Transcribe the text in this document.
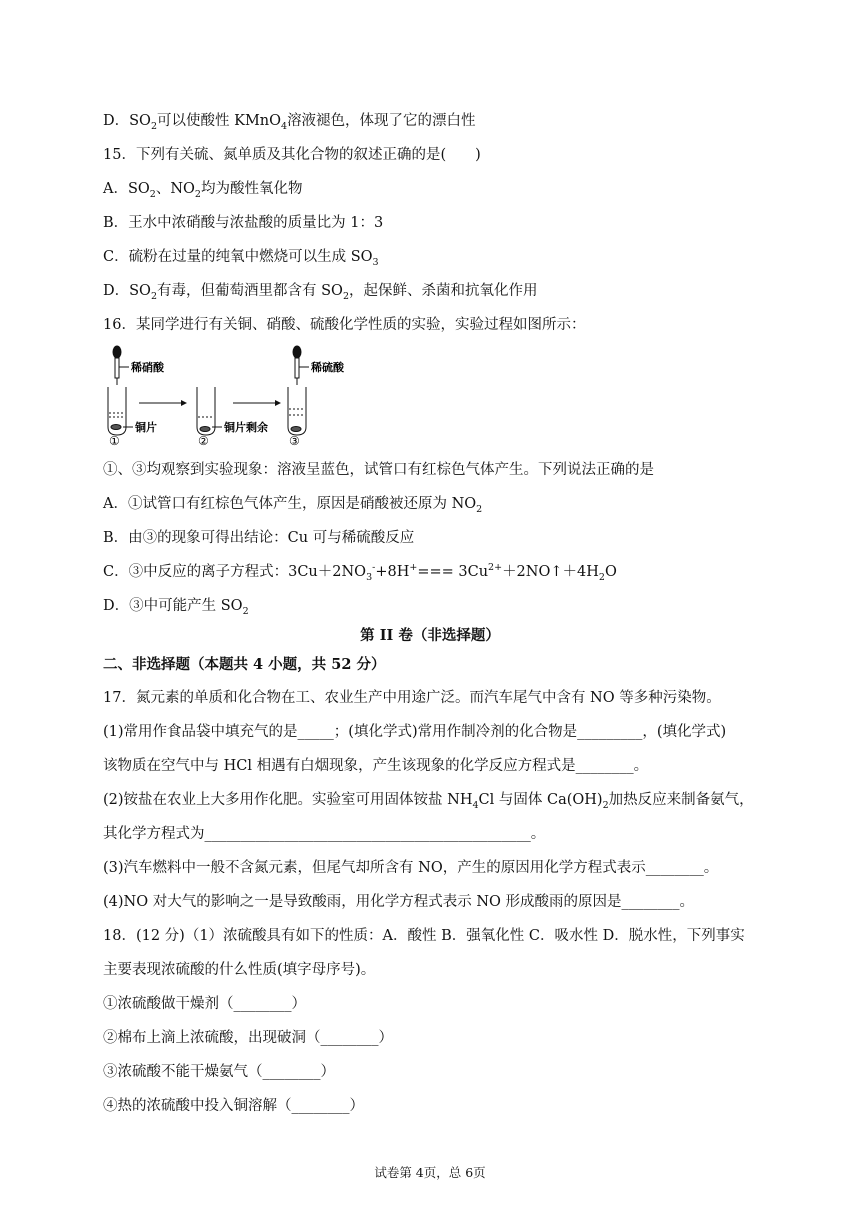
D．$SO_2$可以使酸性 KMnO$_4$溶液褪色，体现了它的漂白性
15．下列有关硫、氮单质及其化合物的叙述正确的是(　　)
A．$SO_2$、$NO_2$均为酸性氧化物
B．王水中浓硝酸与浓盐酸的质量比为 1：3
C．硫粉在过量的纯氧中燃烧可以生成 $SO_3$
D．$SO_2$有毒，但葡萄酒里都含有 $SO_2$，起保鲜、杀菌和抗氧化作用
16．某同学进行有关铜、硝酸、硫酸化学性质的实验，实验过程如图所示：
稀硝酸
铜片
①
铜片剩余
②
稀硫酸
③
①、③均观察到实验现象：溶液呈蓝色，试管口有红棕色气体产生。下列说法正确的是
A．①试管口有红棕色气体产生，原因是硝酸被还原为 $NO_2$
B．由③的现象可得出结论：Cu 可与稀硫酸反应
C．③中反应的离子方程式：$3Cu+2NO_3^-+8H^+===$ $3Cu^{2+}+2NO↑+4H_2O$
D．③中可能产生 $SO_2$
第 II 卷（非选择题）
二、非选择题（本题共 4 小题，共 52 分）
17．氮元素的单质和化合物在工、农业生产中用途广泛。而汽车尾气中含有 NO 等多种污染物。
(1)常用作食品袋中填充气的是_____；(填化学式)常用作制冷剂的化合物是_________，(填化学式)
该物质在空气中与 HCl 相遇有白烟现象，产生该现象的化学反应方程式是________。
(2)铵盐在农业上大多用作化肥。实验室可用固体铵盐 $NH_4Cl$ 与固体 $Ca(OH)_2$加热反应来制备氨气，
其化学方程式为_____________________________________________。
(3)汽车燃料中一般不含氮元素，但尾气却所含有 NO，产生的原因用化学方程式表示________。
(4)NO 对大气的影响之一是导致酸雨，用化学方程式表示 NO 形成酸雨的原因是________。
18．(12 分)（1）浓硫酸具有如下的性质：A．酸性 B．强氧化性 C．吸水性 D．脱水性，下列事实
主要表现浓硫酸的什么性质(填字母序号)。
①浓硫酸做干燥剂（________）
②棉布上滴上浓硫酸，出现破洞（________）
③浓硫酸不能干燥氨气（________）
④热的浓硫酸中投入铜溶解（________）
试卷第 4页，总 6页
